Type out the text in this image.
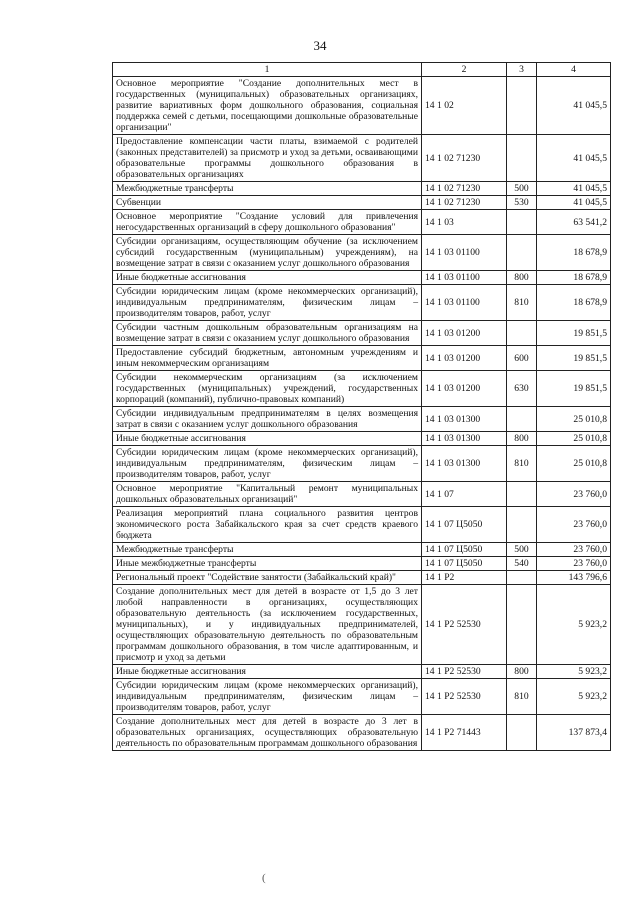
34
1	2	3	4
Основное мероприятие "Создание дополнительных мест в государственных (муниципальных) образовательных организациях, развитие вариативных форм дошкольного образования, социальная поддержка семей с детьми, посещающими дошкольные образовательные организации"	14 1 02		41 045,5
Предоставление компенсации части платы, взимаемой с родителей (законных представителей) за присмотр и уход за детьми, осваивающими образовательные программы дошкольного образования в образовательных организациях	14 1 02 71230		41 045,5
Межбюджетные трансферты	14 1 02 71230	500	41 045,5
Субвенции	14 1 02 71230	530	41 045,5
Основное мероприятие "Создание условий для привлечения негосударственных организаций в сферу дошкольного образования"	14 1 03		63 541,2
Субсидии организациям, осуществляющим обучение (за исключением субсидий государственным (муниципальным) учреждениям), на возмещение затрат в связи с оказанием услуг дошкольного образования	14 1 03 01100		18 678,9
Иные бюджетные ассигнования	14 1 03 01100	800	18 678,9
Субсидии юридическим лицам (кроме некоммерческих организаций), индивидуальным предпринимателям, физическим лицам – производителям товаров, работ, услуг	14 1 03 01100	810	18 678,9
Субсидии частным дошкольным образовательным организациям на возмещение затрат в связи с оказанием услуг дошкольного образования	14 1 03 01200		19 851,5
Предоставление субсидий бюджетным, автономным учреждениям и иным некоммерческим организациям	14 1 03 01200	600	19 851,5
Субсидии некоммерческим организациям (за исключением государственных (муниципальных) учреждений, государственных корпораций (компаний), публично-правовых компаний)	14 1 03 01200	630	19 851,5
Субсидии индивидуальным предпринимателям в целях возмещения затрат в связи с оказанием услуг дошкольного образования	14 1 03 01300		25 010,8
Иные бюджетные ассигнования	14 1 03 01300	800	25 010,8
Субсидии юридическим лицам (кроме некоммерческих организаций), индивидуальным предпринимателям, физическим лицам – производителям товаров, работ, услуг	14 1 03 01300	810	25 010,8
Основное мероприятие "Капитальный ремонт муниципальных дошкольных образовательных организаций"	14 1 07		23 760,0
Реализация мероприятий плана социального развития центров экономического роста Забайкальского края за счет средств краевого бюджета	14 1 07 Ц5050		23 760,0
Межбюджетные трансферты	14 1 07 Ц5050	500	23 760,0
Иные межбюджетные трансферты	14 1 07 Ц5050	540	23 760,0
Региональный проект "Содействие занятости (Забайкальский край)"	14 1 Р2		143 796,6
Создание дополнительных мест для детей в возрасте от 1,5 до 3 лет любой направленности в организациях, осуществляющих образовательную деятельность (за исключением государственных, муниципальных), и у индивидуальных предпринимателей, осуществляющих образовательную деятельность по образовательным программам дошкольного образования, в том числе адаптированным, и присмотр и уход за детьми	14 1 Р2 52530		5 923,2
Иные бюджетные ассигнования	14 1 Р2 52530	800	5 923,2
Субсидии юридическим лицам (кроме некоммерческих организаций), индивидуальным предпринимателям, физическим лицам – производителям товаров, работ, услуг	14 1 Р2 52530	810	5 923,2
Создание дополнительных мест для детей в возрасте до 3 лет в образовательных организациях, осуществляющих образовательную деятельность по образовательным программам дошкольного образования	14 1 Р2 71443		137 873,4
(
